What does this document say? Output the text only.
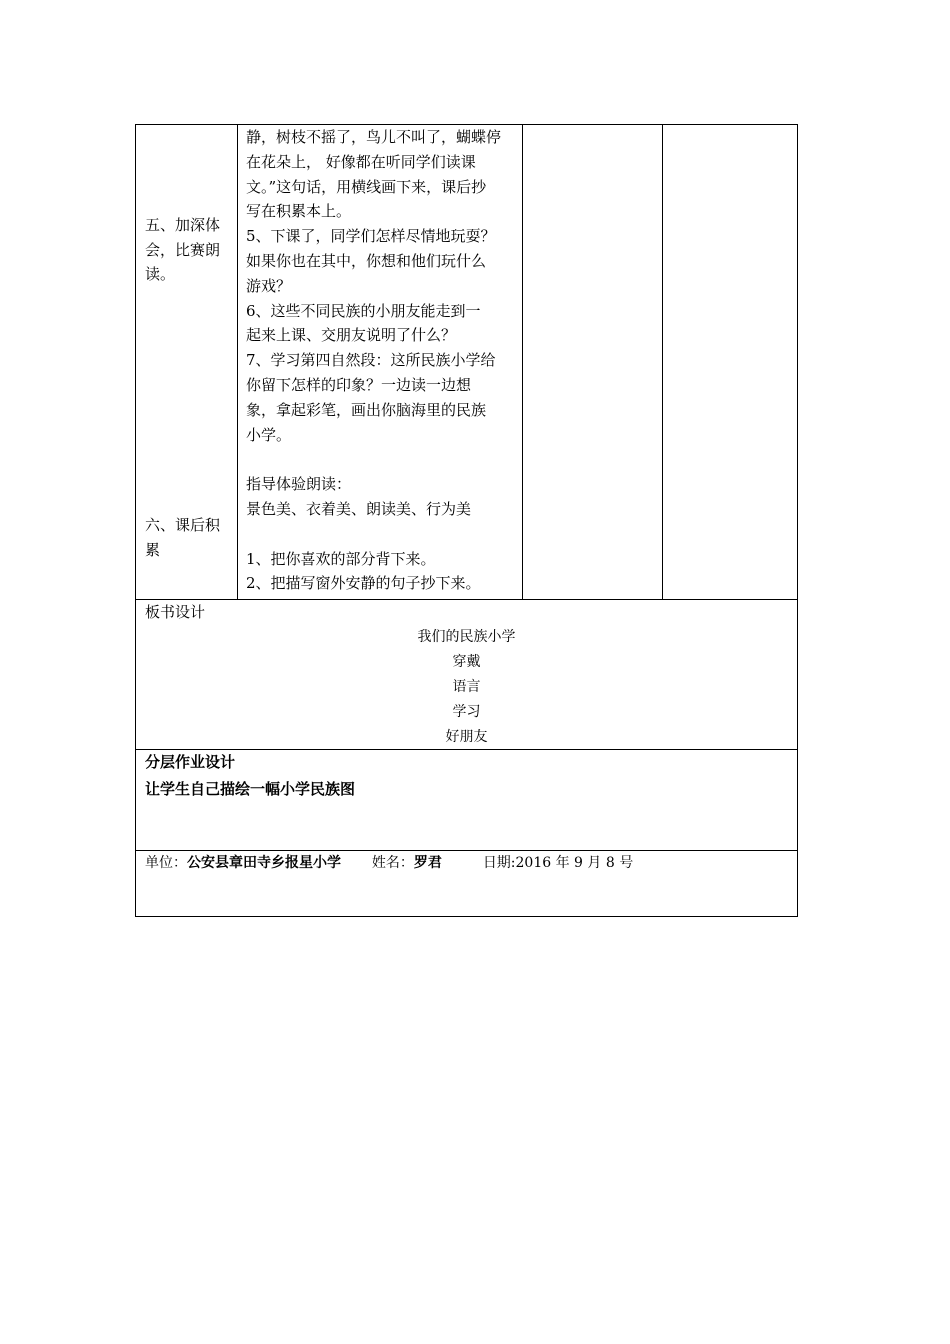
五、加深体
会，比赛朗
读。
六、课后积
累
静，树枝不摇了，鸟儿不叫了，蝴蝶停
在花朵上， 好像都在听同学们读课
文。”这句话，用横线画下来，课后抄
写在积累本上。
5、下课了，同学们怎样尽情地玩耍？
如果你也在其中，你想和他们玩什么
游戏？
6、这些不同民族的小朋友能走到一
起来上课、交朋友说明了什么？
7、学习第四自然段：这所民族小学给
你留下怎样的印象？一边读一边想
象，拿起彩笔，画出你脑海里的民族
小学。
指导体验朗读：
景色美、衣着美、朗读美、行为美
1、把你喜欢的部分背下来。
2、把描写窗外安静的句子抄下来。
板书设计
我们的民族小学
穿戴
语言
学习
好朋友
分层作业设计
让学生自己描绘一幅小学民族图
单位：公安县章田寺乡报星小学 姓名：罗君	日期:2016 年 9 月 8 号
